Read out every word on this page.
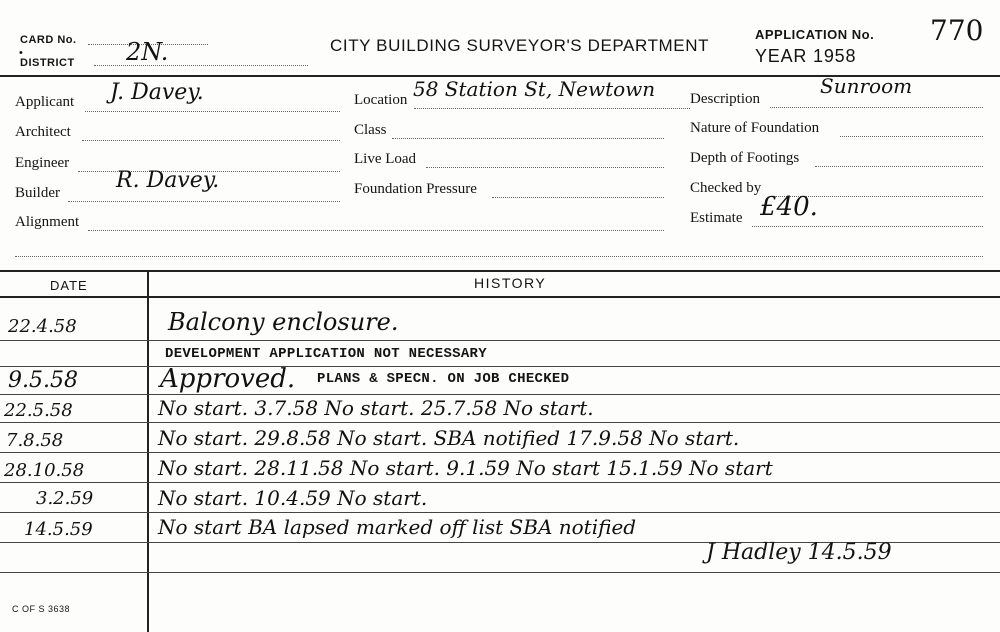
CARD No.
•
DISTRICT 2N.	CITY BUILDING SURVEYOR'S DEPARTMENT
APPLICATION No.
YEAR 1958
770
Applicant J. Davey.
Architect
Engineer
Builder	R. Davey.
Alignment
Location 58 Station St, Newtown
Class
Live Load
Foundation Pressure
Description
Sunroom
Nature of Foundation
Depth of Footings
Checked by
Estimate £40.
DATE	HISTORY
22.4.58	Balcony enclosure.
DEVELOPMENT APPLICATION NOT NECESSARY
9.5.58	Approved. PLANS & SPECN. ON JOB CHECKED
22.5.58	No start. 3.7.58 No start. 25.7.58 No start.
7.8.58	No start. 29.8.58 No start. SBA notified 17.9.58 No start.
28.10.58	No start. 28.11.58 No start. 9.1.59 No start 15.1.59 No start
3.2.59	No start. 10.4.59 No start.
14.5.59	No start BA lapsed marked off list SBA notified
J Hadley 14.5.59
C OF S 3638
